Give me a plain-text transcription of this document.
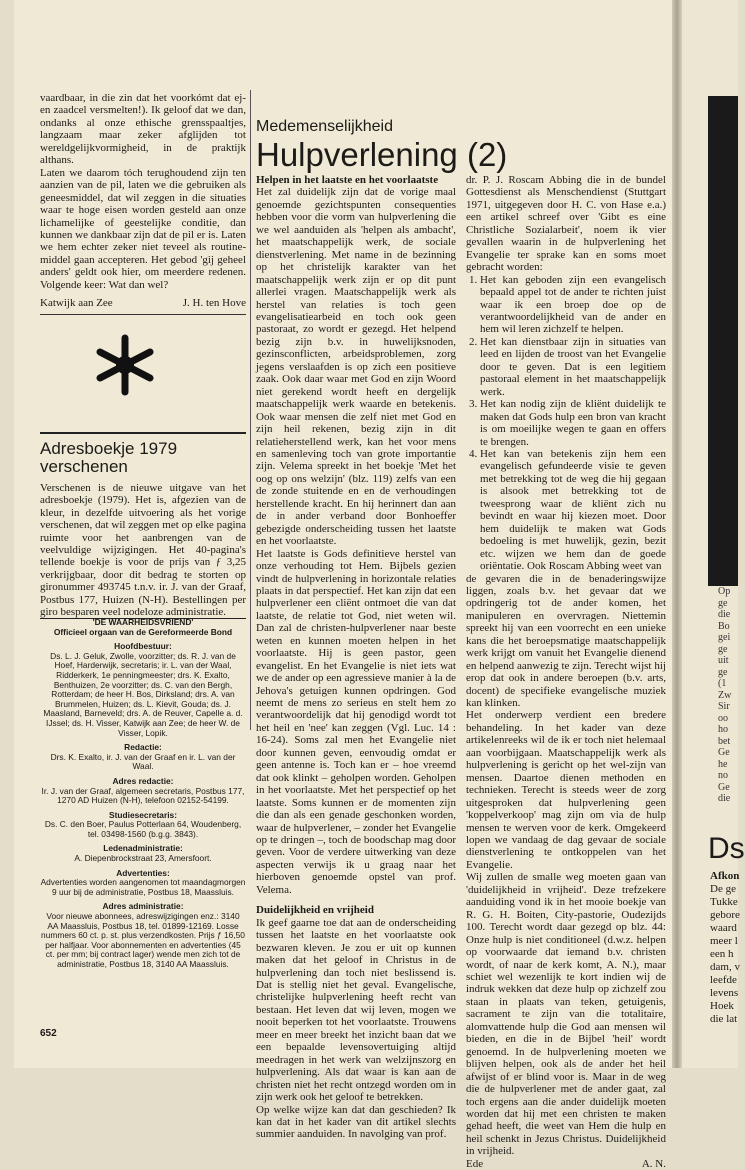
Op ge die Bo gei ge uit ge (1 Zw Sir oo ho bet Ge he no Ge die
Ds
Afkon
De ge Tukke gebore waard meer l een h dam, v leefde levens Hoek die lat

vaardbaar, in die zin dat het voorkómt dat ej-en zaadcel versmelten!). Ik geloof dat we dan, ondanks al onze ethische grensspaaltjes, langzaam maar zeker afglijden tot wereldgelijkvormigheid, in de praktijk althans.

Laten we daarom tóch terughoudend zijn ten aanzien van de pil, laten we die gebruiken als geneesmiddel, dat wil zeggen in die situaties waar te hoge eisen worden gesteld aan onze lichamelijke of geestelijke conditie, dan kunnen we dankbaar zijn dat de pil er is. Laten we hem echter zeker niet teveel als routine-middel gaan accepteren. Het gebod 'gij geheel anders' geldt ook hier, om meerdere redenen. Volgende keer: Wat dan wel?

Katwijk aan Zee	J. H. ten Hove
Adresboekje 1979 verschenen
Verschenen is de nieuwe uitgave van het adresboekje (1979). Het is, afgezien van de kleur, in dezelfde uitvoering als het vorige verschenen, dat wil zeggen met op elke pagina ruimte voor het aanbrengen van de veelvuldige wijzigingen. Het 40-pagina's tellende boekje is voor de prijs van ƒ 3,25 verkrijgbaar, door dit bedrag te storten op gironummer 493745 t.n.v. ir. J. van der Graaf, Postbus 177, Huizen (N-H). Bestellingen per giro besparen veel nodeloze administratie.
'DE WAARHEIDSVRIEND'
Officieel orgaan van de Gereformeerde Bond
Hoofdbestuur:
Ds. L. J. Geluk, Zwolle, voorzitter; ds. R. J. van de Hoef, Harderwijk, secretaris; ir. L. van der Waal, Ridderkerk, 1e penningmeester; drs. K. Exalto, Benthuizen, 2e voorzitter; ds. C. van den Bergh, Rotterdam; de heer H. Bos, Dirksland; drs. A. van Brummelen, Huizen; ds. L. Kievit, Gouda; ds. J. Maasland, Barneveld; drs. A. de Reuver, Capelle a. d. IJssel; ds. H. Visser, Katwijk aan Zee; de heer W. de Visser, Lopik.
Redactie:
Drs. K. Exalto, ir. J. van der Graaf en ir. L. van der Waal.
Adres redactie:
Ir. J. van der Graaf, algemeen secretaris, Postbus 177, 1270 AD Huizen (N-H), telefoon 02152-54199.
Studiesecretaris:
Ds. C. den Boer, Paulus Potterlaan 64, Woudenberg, tel. 03498-1560 (b.g.g. 3843).
Ledenadministratie:
A. Diepenbrockstraat 23, Amersfoort.
Advertenties:
Advertenties worden aangenomen tot maandagmorgen 9 uur bij de administratie, Postbus 18, Maassluis.
Adres administratie:
Voor nieuwe abonnees, adreswijzigingen enz.: 3140 AA Maassluis, Postbus 18, tel. 01899-12169. Losse nummers 60 ct. p. st. plus verzendkosten. Prijs ƒ 16,50 per halfjaar. Voor abonnementen en advertenties (45 ct. per mm; bij contract lager) wende men zich tot de administratie, Postbus 18, 3140 AA Maassluis.
Medemenselijkheid
Hulpverlening (2)

Helpen in het laatste en het voorlaatste

Het zal duidelijk zijn dat de vorige maal genoemde gezichtspunten consequenties hebben voor die vorm van hulpverlening die we wel aanduiden als 'helpen als ambacht', het maatschappelijk werk, de sociale dienstverlening. Met name in de bezinning op het christelijk karakter van het maatschappelijk werk zijn er op dit punt allerlei vragen. Maatschappelijk werk als herstel van relaties is toch geen evangelisatiearbeid en toch ook geen pastoraat, zo wordt er gezegd. Het helpend bezig zijn b.v. in huwelijksnoden, gezinsconflicten, arbeidsproblemen, zorg jegens verslaafden is op zich een positieve zaak. Ook daar waar met God en zijn Woord niet gerekend wordt heeft en dergelijk maatschappelijk werk waarde en betekenis. Ook waar mensen die zelf niet met God en zijn heil rekenen, bezig zijn in dit relatieherstellend werk, kan het voor mens en samenleving toch van grote importantie zijn. Velema spreekt in het boekje 'Met het oog op ons welzijn' (blz. 119) zelfs van een de zonde stuitende en en de verhoudingen herstellende kracht. En hij herinnert dan aan de in ander verband door Bonhoeffer gebezigde onderscheiding tussen het laatste en het voorlaatste.

Het laatste is Gods definitieve herstel van onze verhouding tot Hem. Bijbels gezien vindt de hulpverlening in horizontale relaties plaats in dat perspectief. Het kan zijn dat een hulpverlener een cliënt ontmoet die van dat laatste, de relatie tot God, niet weten wil. Dan zal de christen-hulpverlener naar beste weten en kunnen moeten helpen in het voorlaatste. Hij is geen pastor, geen evangelist. En het Evangelie is niet iets wat we de ander op een agressieve manier à la de Jehova's getuigen kunnen opdringen. God neemt de mens zo serieus en stelt hem zo verantwoordelijk dat hij genodigd wordt tot het heil en 'nee' kan zeggen (Vgl. Luc. 14 : 16-24). Soms zal men het Evangelie niet door kunnen geven, eenvoudig omdat er geen antenne is. Toch kan er – hoe vreemd dat ook klinkt – geholpen worden. Geholpen in het voorlaatste. Met het perspectief op het laatste. Soms kunnen er de momenten zijn die dan als een genade geschonken worden, waar de hulpverlener, – zonder het Evangelie op te dringen –, toch de boodschap mag door geven. Voor de verdere uitwerking van deze aspecten verwijs ik u graag naar het hierboven genoemde opstel van prof. Velema.

Duidelijkheid en vrijheid

Ik geef gaarne toe dat aan de onderscheiding tussen het laatste en het voorlaatste ook bezwaren kleven. Je zou er uit op kunnen maken dat het geloof in Christus in de hulpverlening dan toch niet beslissend is. Dat is stellig niet het geval. Evangelische, christelijke hulpverlening heeft recht van bestaan. Het leven dat wij leven, mogen we nooit beperken tot het voorlaatste. Trouwens meer en meer breekt het inzicht baan dat we een bepaalde levensovertuiging altijd meedragen in het werk van welzijnszorg en hulpverlening. Als dat waar is kan aan de christen niet het recht ontzegd worden om in zijn werk ook het geloof te betrekken.

Op welke wijze kan dat dan geschieden? Ik kan dat in het kader van dit artikel slechts summier aanduiden. In navolging van prof.

dr. P. J. Roscam Abbing die in de bundel Gottesdienst als Menschendienst (Stuttgart 1971, uitgegeven door H. C. von Hase e.a.) een artikel schreef over 'Gibt es eine Christliche Sozialarbeit', noem ik vier gevallen waarin in de hulpverlening het Evangelie ter sprake kan en soms moet gebracht worden:

1. Het kan geboden zijn een evangelisch bepaald appel tot de ander te richten juist waar ik een broep doe op de verantwoordelijkheid van de ander en hem wil leren zichzelf te helpen.
2. Het kan dienstbaar zijn in situaties van leed en lijden de troost van het Evangelie door te geven. Dat is een legitiem pastoraal element in het maatschappelijk werk.
3. Het kan nodig zijn de kliënt duidelijk te maken dat Gods hulp een bron van kracht is om moeilijke wegen te gaan en offers te brengen.
4. Het kan van betekenis zijn hem een evangelisch gefundeerde visie te geven met betrekking tot de weg die hij gegaan is alsook met betrekking tot de tweesprong waar de kliënt zich nu bevindt en waar hij kiezen moet. Door hem duidelijk te maken wat Gods bedoeling is met huwelijk, gezin, bezit etc. wijzen we hem dan de goede oriëntatie. Ook Roscam Abbing weet van

de gevaren die in de benaderingswijze liggen, zoals b.v. het gevaar dat we opdringerig tot de ander komen, het manipuleren en overvragen. Niettemin spreekt hij van een voorrecht en een unieke kans die het beroepsmatige maatschappelijk werk krijgt om vanuit het Evangelie dienend en helpend aanwezig te zijn. Terecht wijst hij erop dat ook in andere beroepen (b.v. arts, docent) de specifieke evangelische muziek kan klinken.

Het onderwerp verdient een bredere behandeling. In het kader van deze artikelenreeks wil de ik er toch niet helemaal aan voorbijgaan. Maatschappelijk werk als hulpverlening is gericht op het wel-zijn van mensen. Daartoe dienen methoden en technieken. Terecht is steeds weer de zorg uitgesproken dat hulpverlening geen 'koppelverkoop' mag zijn om via de hulp mensen te werven voor de kerk. Omgekeerd lopen we vandaag de dag gevaar de sociale dienstverlening te ontkoppelen van het Evangelie.

Wij zullen de smalle weg moeten gaan van 'duidelijkheid in vrijheid'. Deze trefzekere aanduiding vond ik in het mooie boekje van R. G. H. Boiten, City-pastorie, Oudezijds 100. Terecht wordt daar gezegd op blz. 44: Onze hulp is niet conditioneel (d.w.z. helpen op voorwaarde dat iemand b.v. christen wordt, of naar de kerk komt, A. N.), maar schiet wel wezenlijk te kort indien wij de indruk wekken dat deze hulp op zichzelf zou staan in plaats van teken, getuigenis, sacrament te zijn van die totalitaire, alomvattende hulp die God aan mensen wil bieden, en die in de Bijbel 'heil' wordt genoemd. In de hulpverlening moeten we blijven helpen, ook als de ander het heil afwijst of er blind voor is. Maar in de weg die de hulpverlener met de ander gaat, zal toch ergens aan die ander duidelijk moeten worden dat hij met een christen te maken gehad heeft, die weet van Hem die hulp en heil schenkt in Jezus Christus. Duidelijkheid in vrijheid.

Ede	A. N.
652
